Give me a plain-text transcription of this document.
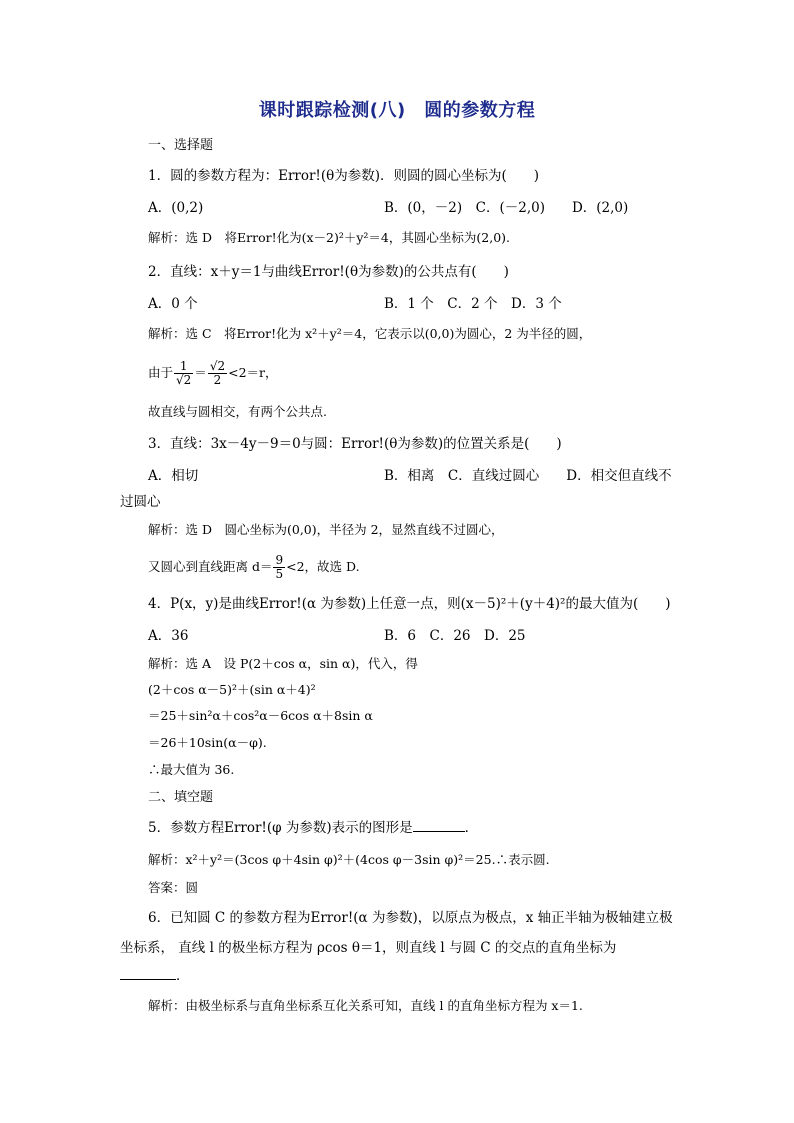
课时跟踪检测(八)　圆的参数方程
一、选择题
1．圆的参数方程为：Error!(θ为参数)．则圆的圆心坐标为(　　)
A．(0,2)	B．(0，－2)　C．(－2,0)　　D．(2,0)
解析：选 D　将Error!化为(x－2)²＋y²＝4，其圆心坐标为(2,0).
2．直线：x＋y＝1与曲线Error!(θ为参数)的公共点有(　　)
A．0 个	B．1 个　C．2 个　D．3 个
解析：选 C　将Error!化为 x²＋y²＝4，它表示以(0,0)为圆心，2 为半径的圆，
由于 $\frac{1}{√2} = \frac{√2}{2} <2=r$，
故直线与圆相交，有两个公共点.
3．直线：3x－4y－9＝0与圆：Error!(θ为参数)的位置关系是(　　)
A．相切	B．相离　C．直线过圆心　　D．相交但直线不
过圆心
解析：选 D　圆心坐标为(0,0)，半径为 2，显然直线不过圆心，
又圆心到直线距离 $d= \frac{9}{5} <2$，故选 D.
4．P(x，y)是曲线Error!(α 为参数)上任意一点，则(x－5)²＋(y＋4)²的最大值为(　　)
A．36	B．6　C．26　D．25
解析：选 A　设 P(2＋cos α，sin α)，代入，得
(2＋cos α－5)²＋(sin α＋4)²
＝25＋sin²α＋cos²α－6cos α＋8sin α
＝26＋10sin(α－φ).
∴最大值为 36.
二、填空题
5．参数方程Error!(φ 为参数)表示的图形是	．
解析：x²＋y²＝(3cos φ＋4sin φ)²＋(4cos φ－3sin φ)²＝25.∴表示圆.
答案：圆
6．已知圆 C 的参数方程为Error!(α 为参数)，以原点为极点，x 轴正半轴为极轴建立极
坐标系， 直线 l 的极坐标方程为 ρcos θ＝1，则直线 l 与圆 C 的交点的直角坐标为
．
解析：由极坐标系与直角坐标系互化关系可知，直线 l 的直角坐标方程为 x＝1.
